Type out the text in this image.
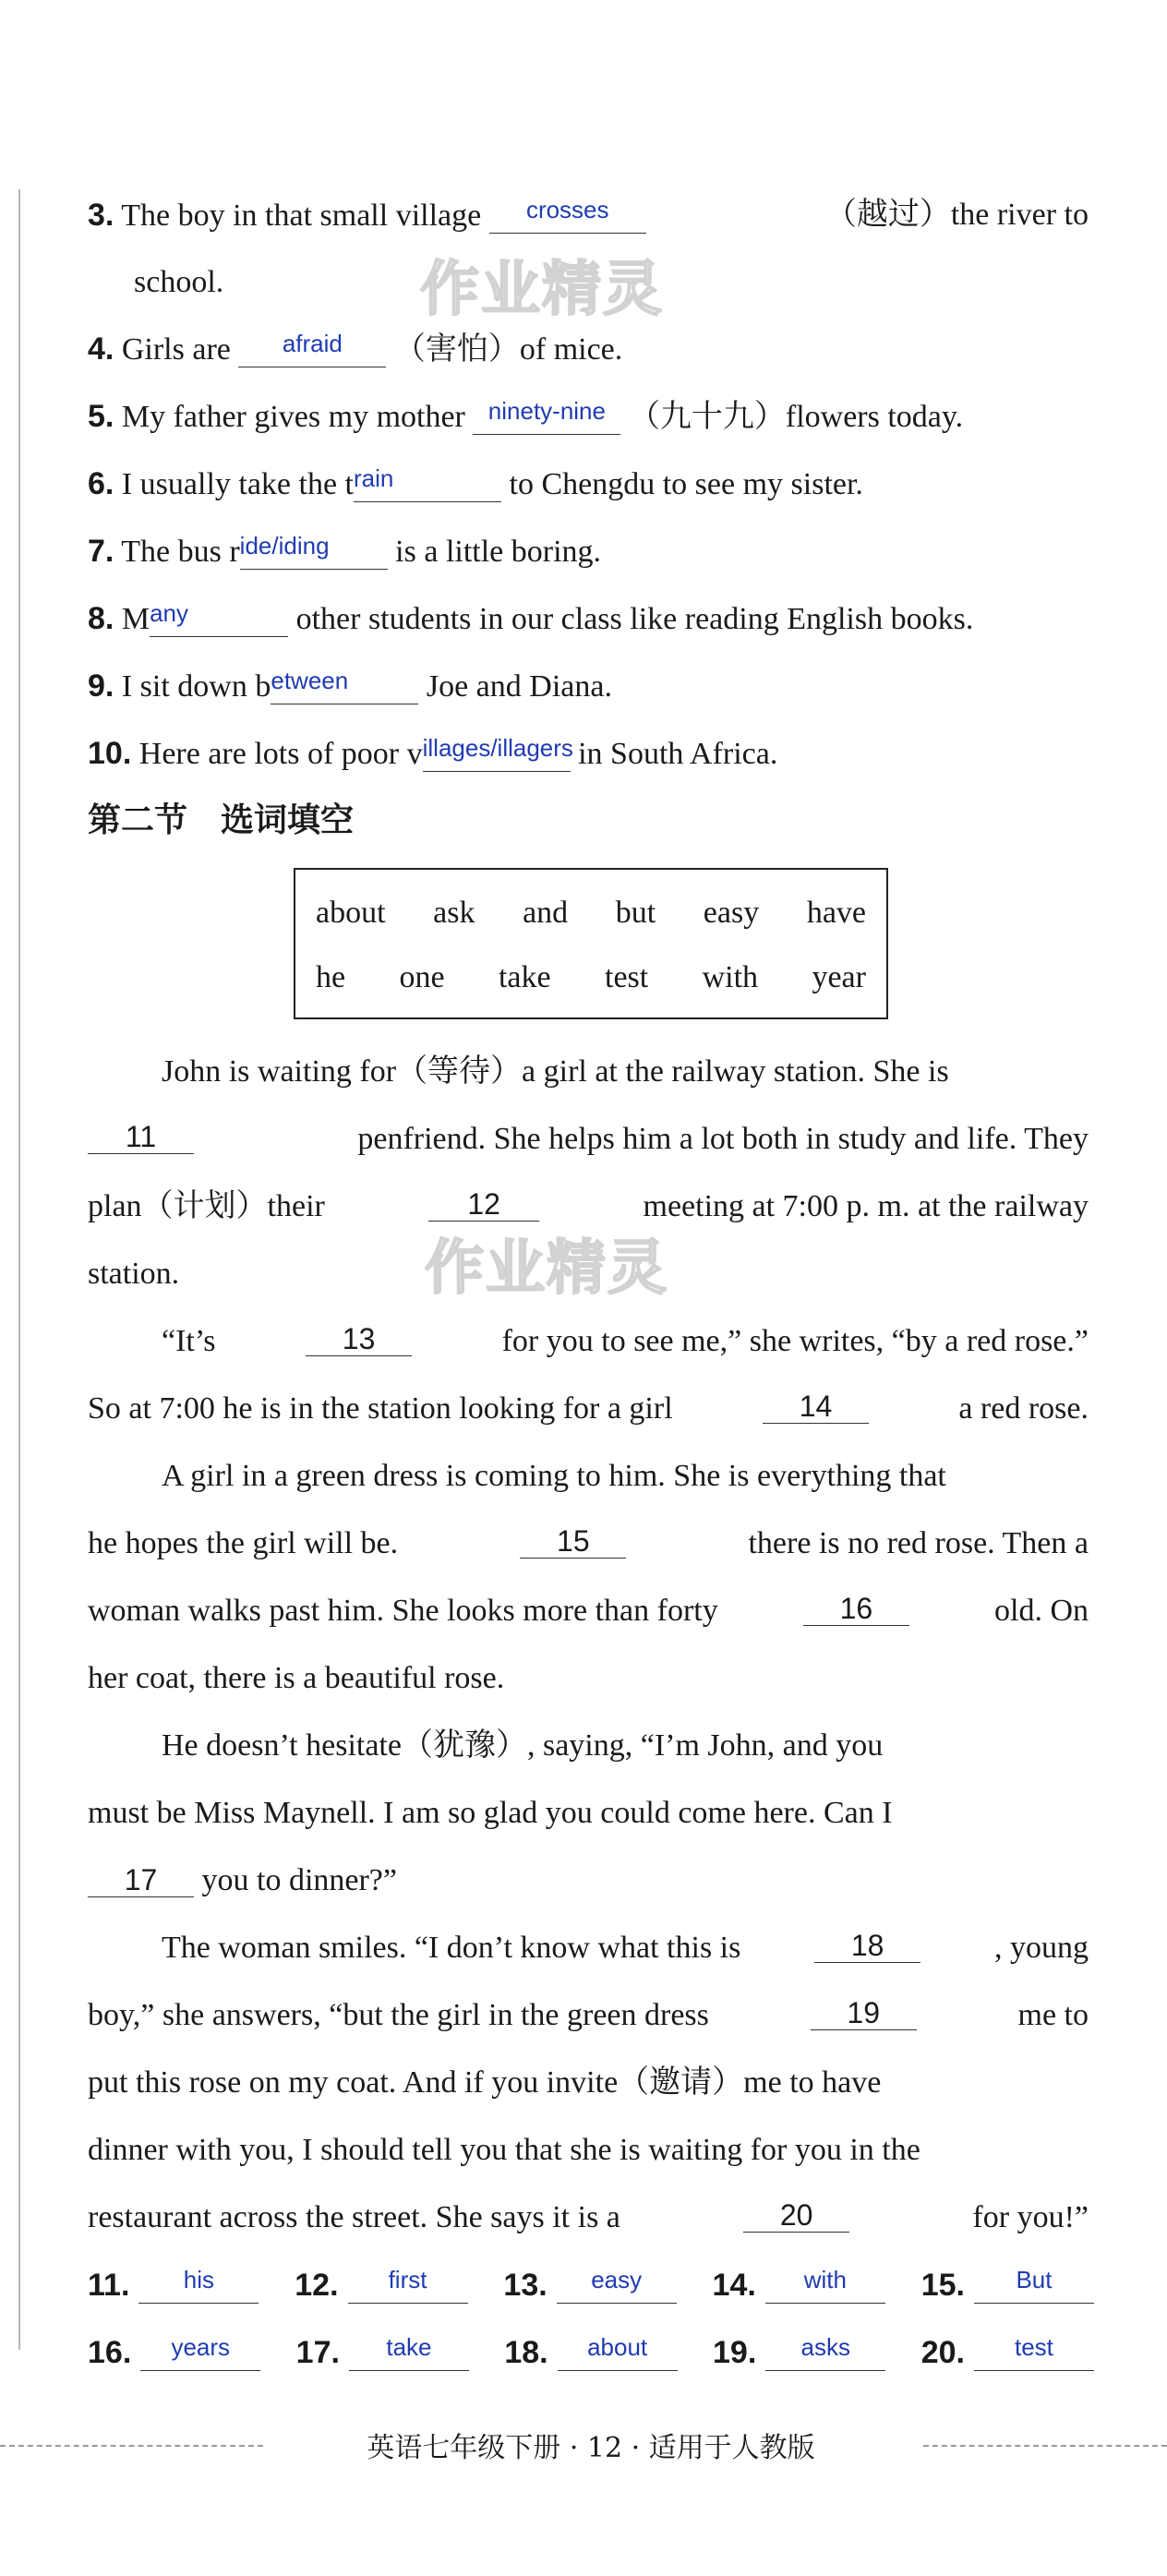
作业精灵
作业精灵
3. The boy in that small village $^{crosses}$	（越过）the river to
school.
4. Girls are $^{afraid}$ （害怕）of mice.
5. My father gives my mother $^{ninety-nine}$ （九十九）flowers today.
6. I usually take the $t^{rain}$	to Chengdu to see my sister.
7. The bus $r^{ide/iding}$ is a little boring.
8. $M^{any}$	other students in our class like reading English books.
9. I sit down $b^{etween}$ Joe and Diana.
10. Here are lots of poor $v^{illages/illagers}$ in South Africa.
第二节　选词填空
about ask and but easy have
he one take test with year
John is waiting for（等待）a girl at the railway station. She is
11	penfriend. She helps him a lot both in study and life. They
plan（计划）their	12	meeting at 7:00 p. m. at the railway
station.
“It’s	13	for you to see me,” she writes, “by a red rose.”
So at 7:00 he is in the station looking for a girl	14	a red rose.
A girl in a green dress is coming to him. She is everything that
he hopes the girl will be.	15	there is no red rose. Then a
woman walks past him. She looks more than forty	16	old. On
her coat, there is a beautiful rose.
He doesn’t hesitate（犹豫）, saying, “I’m John, and you
must be Miss Maynell. I am so glad you could come here. Can I
17 you to dinner?”
The woman smiles. “I don’t know what this is	18	, young
boy,” she answers, “but the girl in the green dress	19	me to
put this rose on my coat. And if you invite（邀请）me to have
dinner with you, I should tell you that she is waiting for you in the
restaurant across the street. She says it is a	20	for you!”
11.	$^{his}$	12.	$^{first}$	13.	$^{easy}$	14.	$^{with}$	15.	$^{But}$
16.	$^{years}$	17.	$^{take}$	18.	$^{about}$	19.	$^{asks}$	20.	$^{test}$
英语七年级下册 · 12 · 适用于人教版
